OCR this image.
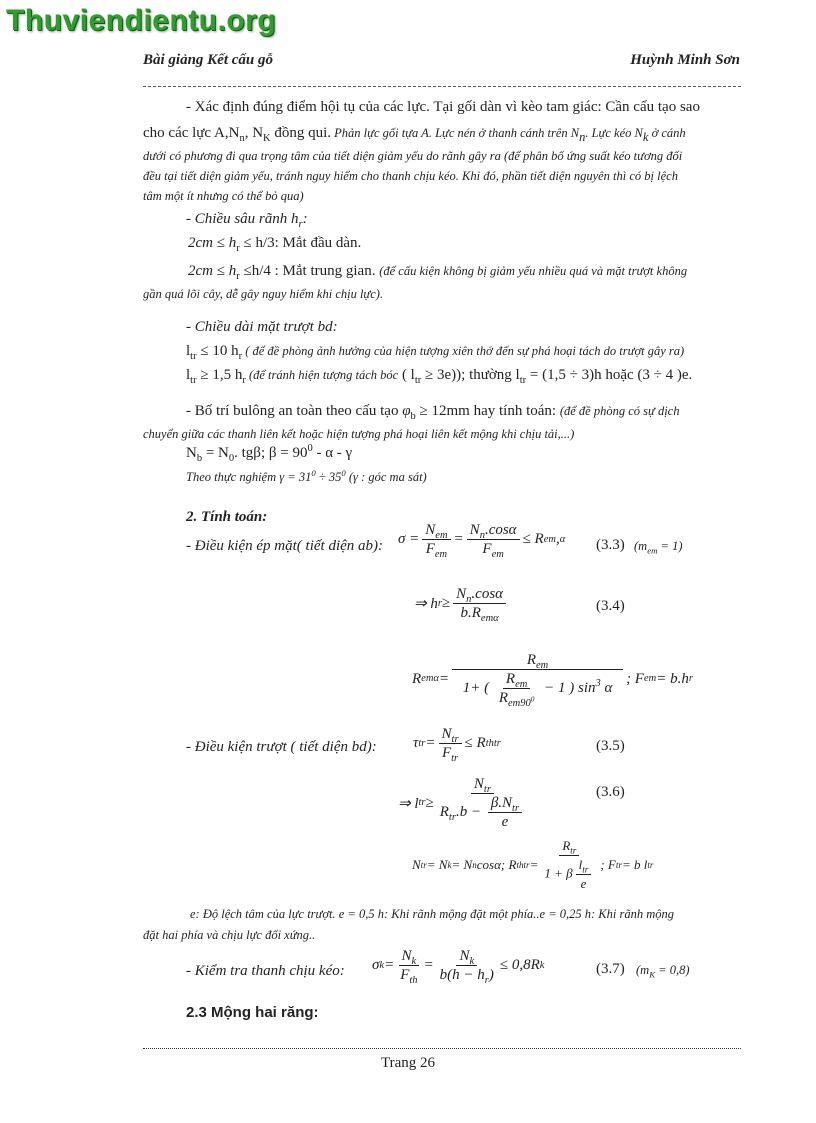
Thuviendientu.org
Bài giảng Kết cấu gỗ	Huỳnh Minh Sơn
- Xác định đúng điểm hội tụ của các lực. Tại gối dàn vì kèo tam giác: Cần cấu tạo sao
cho các lực $A,N_n$, $N_K$ đồng qui. Phản lực gối tựa A. Lực nén ở thanh cánh trên $N_n$. Lực kéo $N_k$ ở cánh
dưới có phương đi qua trọng tâm của tiết diện giảm yếu do rãnh gây ra (để phân bố ứng suất kéo tương đối
đều tại tiết diện giảm yếu, tránh nguy hiểm cho thanh chịu kéo. Khi đó, phần tiết diện nguyên thì có bị lệch
tâm một ít nhưng có thể bỏ qua)
- Chiều sâu rãnh $h_r$:
$2cm \le h_r \le h/3$: Mắt đầu dàn.
$2cm \le h_r \le h/4$ : Mắt trung gian. (để cấu kiện không bị giảm yếu nhiều quá và mặt trượt không
gần quá lõi cây, dễ gây nguy hiểm khi chịu lực).
- Chiều dài mặt trượt bd:
$l_{tr} \le 10$ $h_r$ ( để đề phòng ảnh hưởng của hiện tượng xiên thớ đến sự phá hoại tách do trượt gây ra)
$l_{tr} \ge 1,5$ $h_r$ (để tránh hiện tượng tách bóc ( $l_{tr} \ge 3e$)); thường $l_{tr} = (1,5 \div 3)h$ hoặc (3 ÷ 4 )e.
- Bố trí bulông an toàn theo cấu tạo $\varphi_b \ge 12mm$ hay tính toán: (để đề phòng có sự dịch
chuyển giữa các thanh liên kết hoặc hiện tượng phá hoại liên kết mộng khi chịu tải,...)
$N_b = N_0$. tgβ; $\beta = 90^0 - \alpha - \gamma$
Theo thực nghiệm $\gamma = 31^0 \div 35^0$ (γ : góc ma sát)
2. Tính toán:
- Điều kiện ép mặt( tiết diện ab): $\sigma = \frac{N_{em}}{F_{em}} = \frac{N_n.\cos\alpha}{F_{em}} \le R$ em , α (3.3) $(m_{em} = 1)$
⇒ h $r \ge \frac{N_n.\cos\alpha}{b.R_{em\alpha}}$	(3.4)
R $em\alpha = \frac{R_{em}}{1+ ( \frac{R_{em}}{R_{em90^0}} - 1 ) \sin^3 \alpha}$ ; F em = b.h r
- Điều kiện trượt ( tiết diện bd):	τ tr = $\frac{N_{tr}}{F_{tr}} \le R$ th tr	(3.5)
⇒ l tr ≥ $\frac{N_{tr}}{R_{tr}.b - \frac{\beta.N_{tr}}{e}}$	(3.6)
N tr = N k = N n cosα; R th tr = $\frac{R_{tr}}{1 + \beta \frac{l_{tr}}{e}}$ ; F tr = b l tr
e: Độ lệch tâm của lực trượt. e = 0,5 h: Khi rãnh mộng đặt một phía..e = 0,25 h: Khi rãnh mộng
đặt hai phía và chịu lực đối xứng..
- Kiểm tra thanh chịu kéo:	σ $k = \frac{N_k}{F_{th}} = \frac{N_k}{b(h - h_r)} \le 0,8R$ k	(3.7) $(m_K = 0,8)$
2.3 Mộng hai răng:
Trang 26
